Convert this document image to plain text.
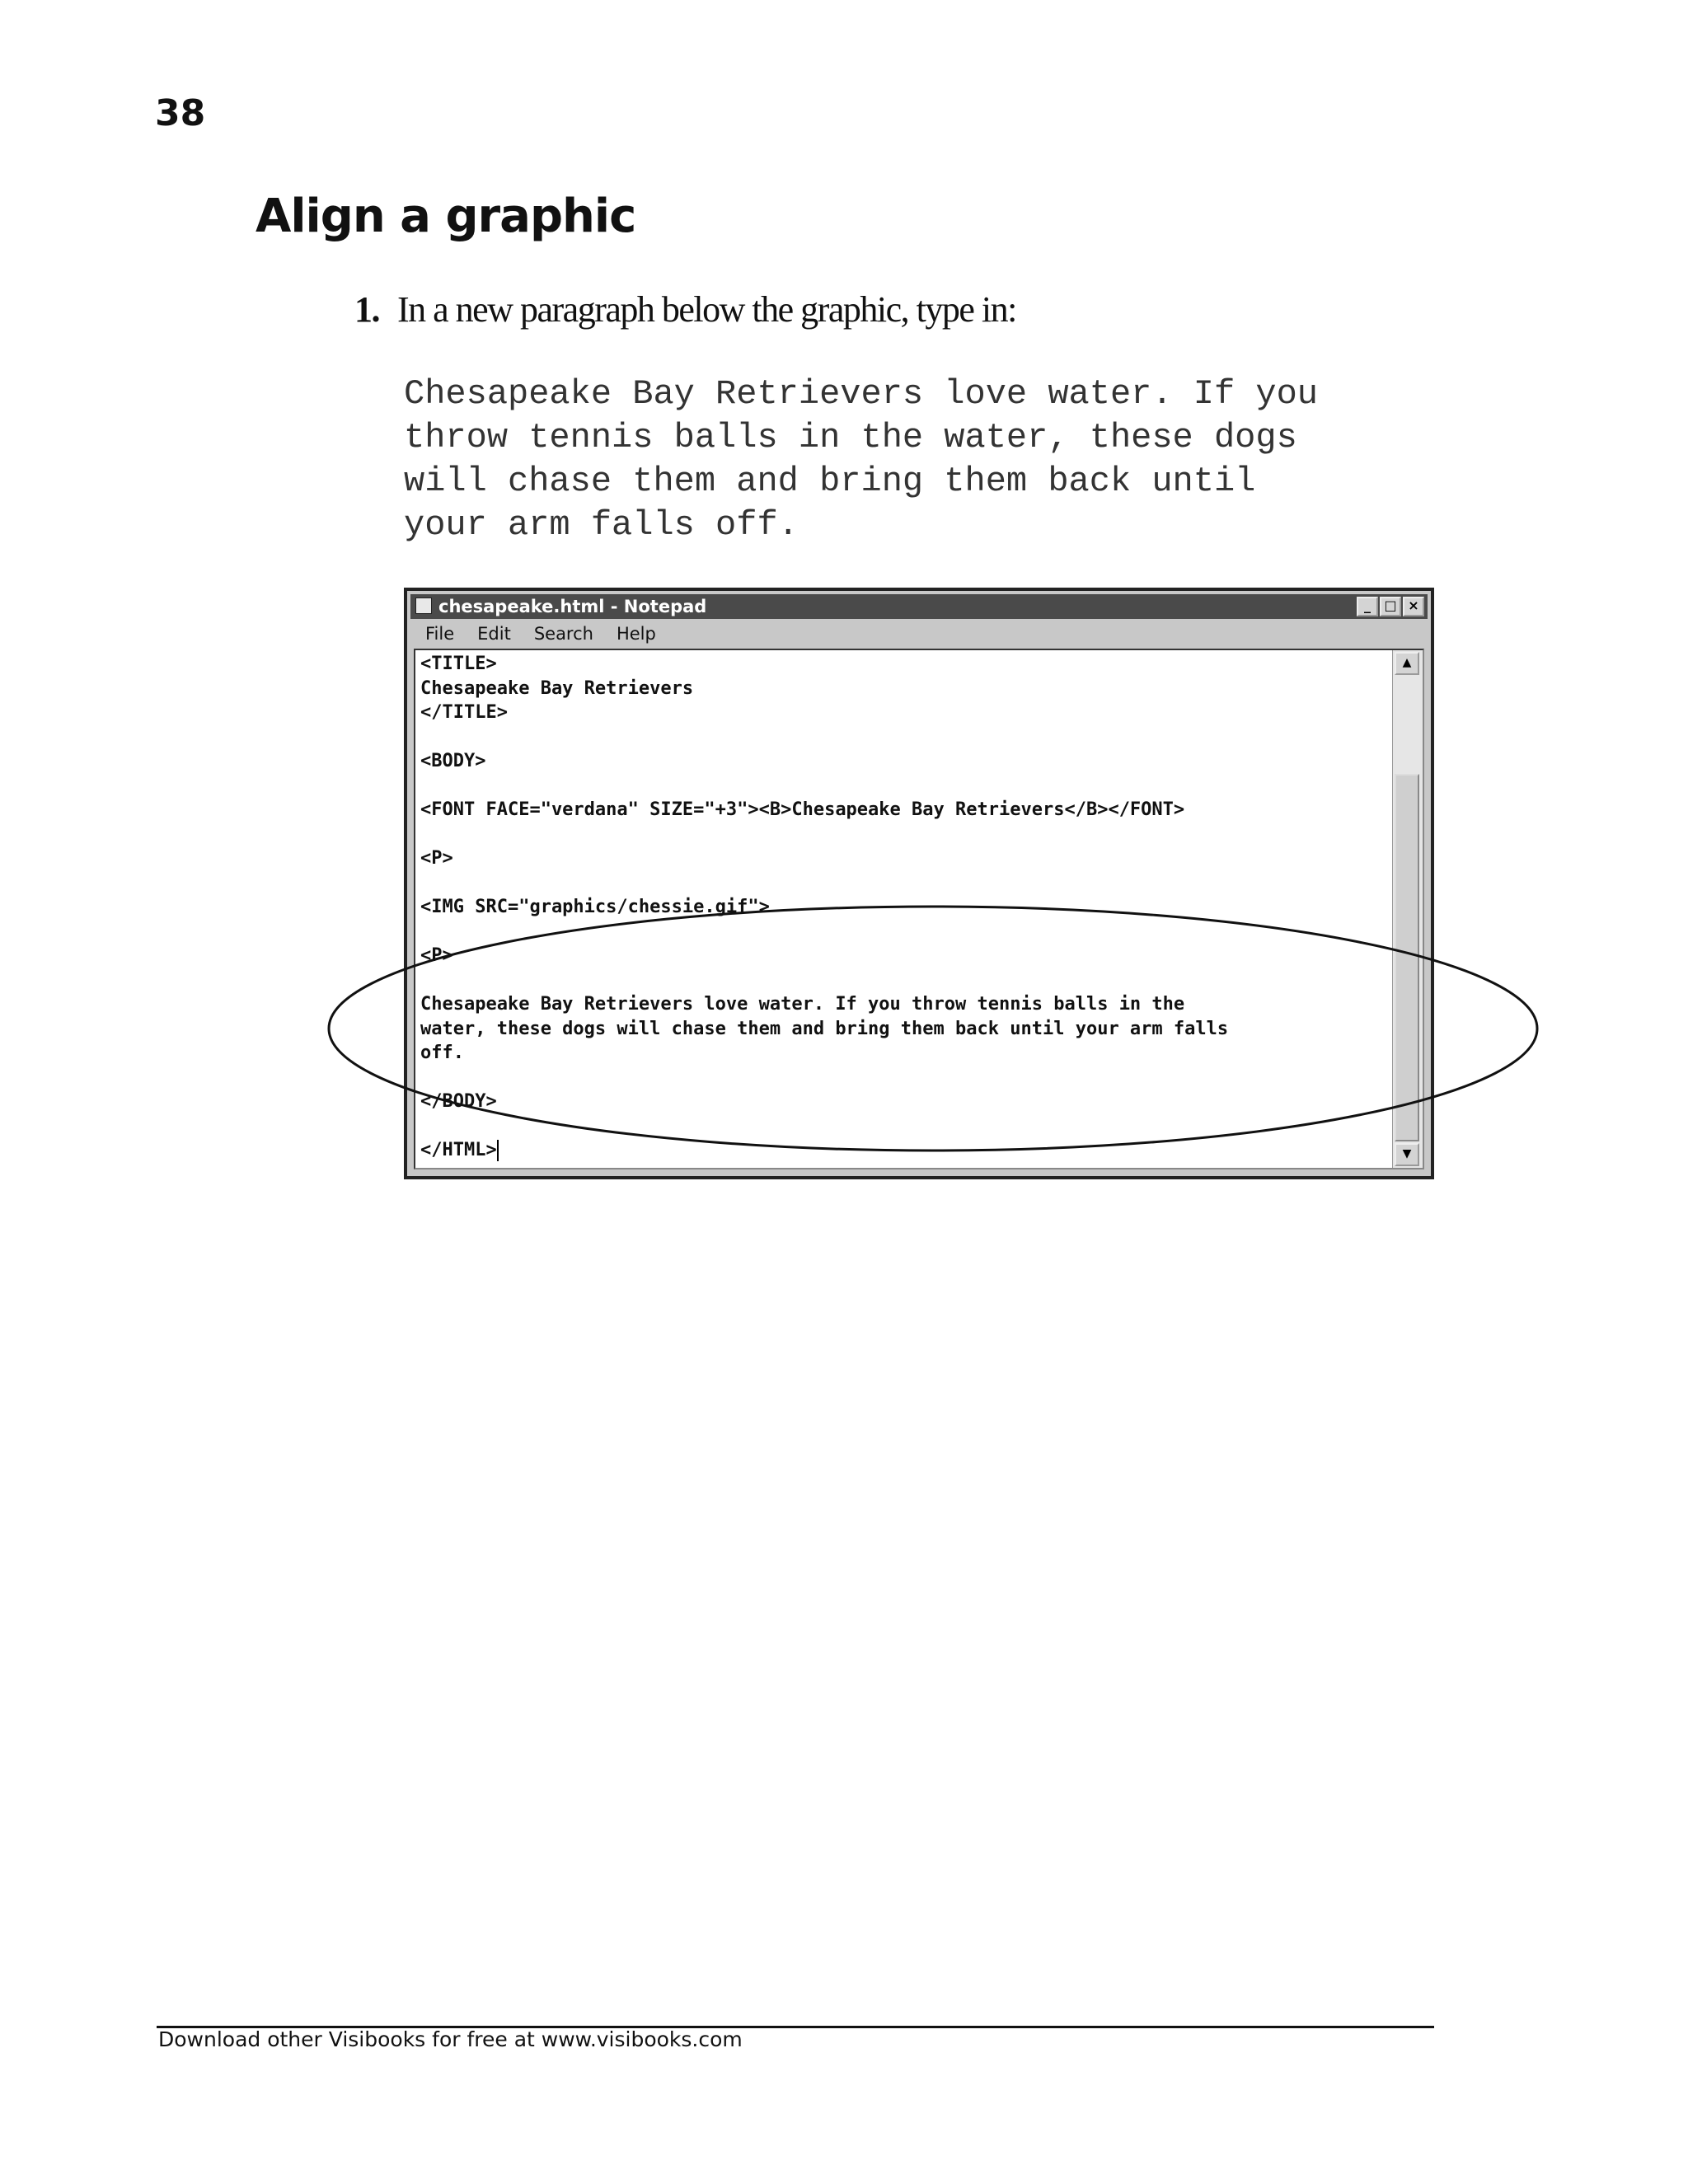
38
Align a graphic
1. In a new paragraph below the graphic, type in:
Chesapeake Bay Retrievers love water. If you
throw tennis balls in the water, these dogs
will chase them and bring them back until
your arm falls off.
chesapeake.html - Notepad	_	□ ×
File	Edit	Search	Help
<TITLE>
Chesapeake Bay Retrievers
</TITLE>

<BODY>

<FONT FACE="verdana" SIZE="+3"><B>Chesapeake Bay Retrievers</B></FONT>

<P>

<IMG SRC="graphics/chessie.gif">

<P>

Chesapeake Bay Retrievers love water. If you throw tennis balls in the
water, these dogs will chase them and bring them back until your arm falls
off.

</BODY>

</HTML>
▲
▼
Download other Visibooks for free at www.visibooks.com
